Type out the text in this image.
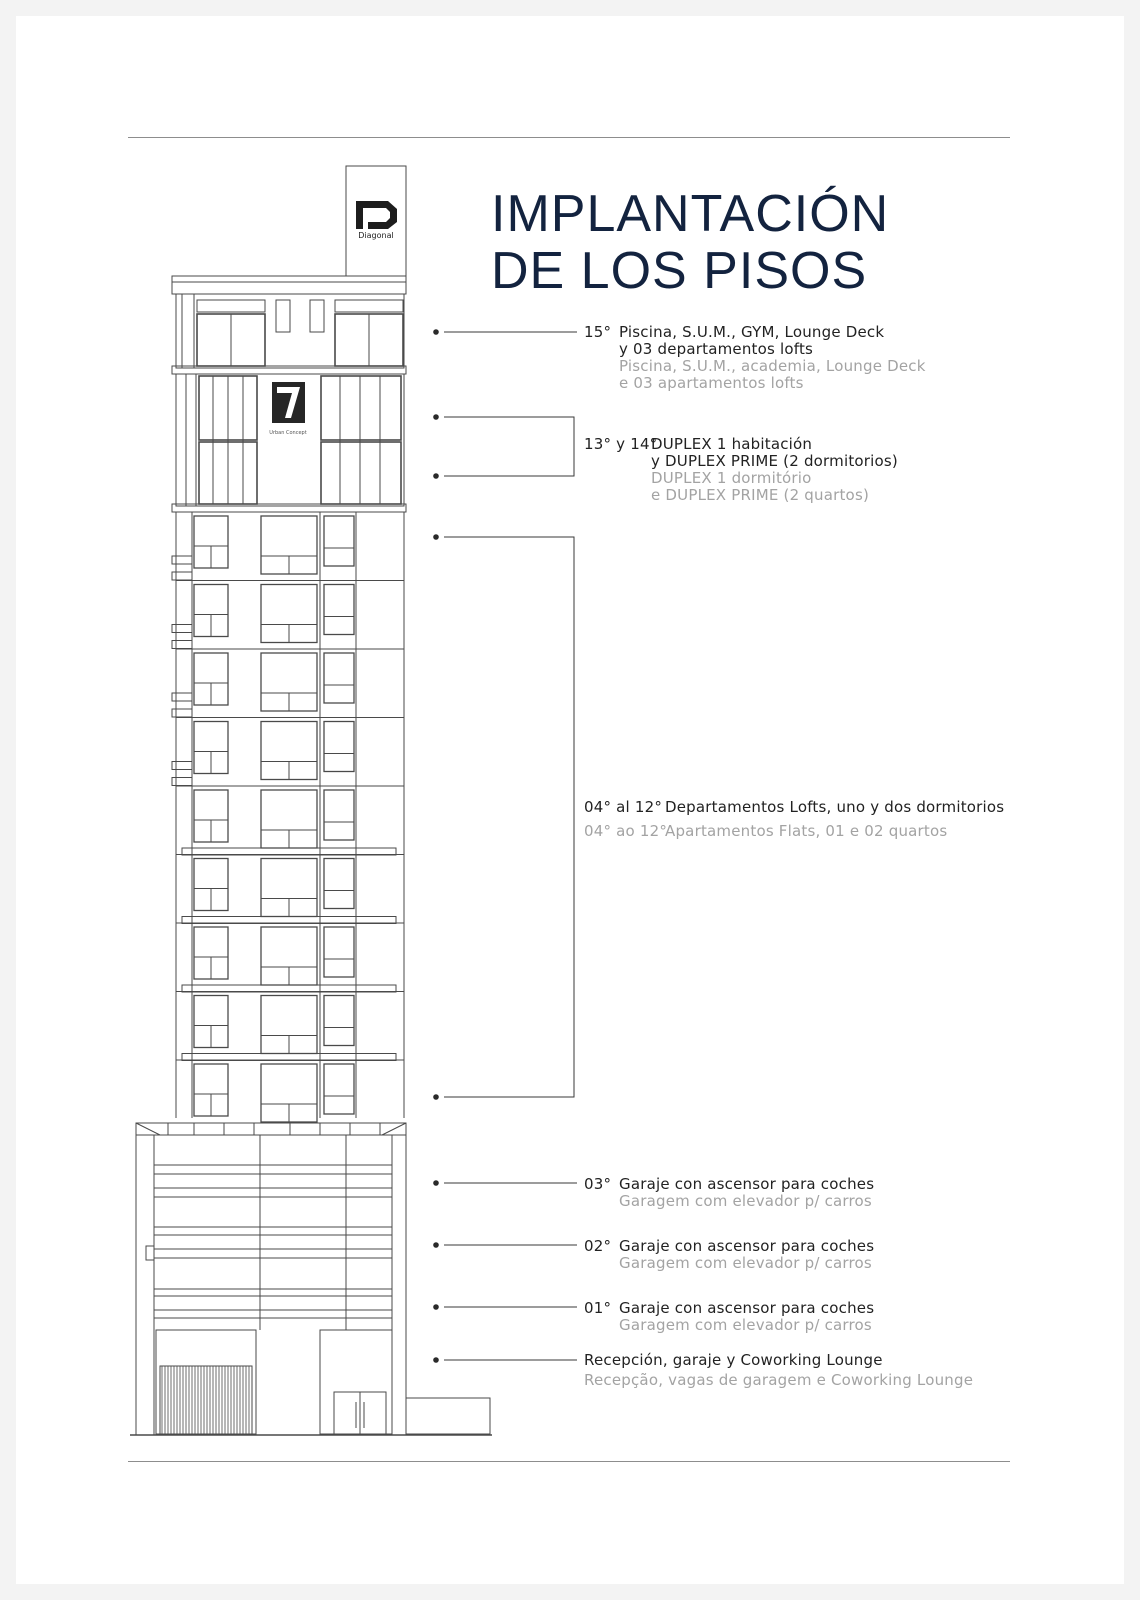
IMPLANTACIÓN
DE LOS PISOS
Diagonal
Urban Concept
15° Piscina, S.U.M., GYM, Lounge Deck
y 03 departamentos lofts
Piscina, S.U.M., academia, Lounge Deck
e 03 apartamentos lofts
13° y 14°
DUPLEX 1 habitación
y DUPLEX PRIME (2 dormitorios)
DUPLEX 1 dormitório
e DUPLEX PRIME (2 quartos)
04° al 12°
04° ao 12°
Departamentos Lofts, uno y dos dormitorios
Apartamentos Flats, 01 e 02 quartos
03° Garaje con ascensor para coches
Garagem com elevador p/ carros
02° Garaje con ascensor para coches
Garagem com elevador p/ carros
01° Garaje con ascensor para coches
Garagem com elevador p/ carros
Recepción, garaje y Coworking Lounge
Recepção, vagas de garagem e Coworking Lounge
